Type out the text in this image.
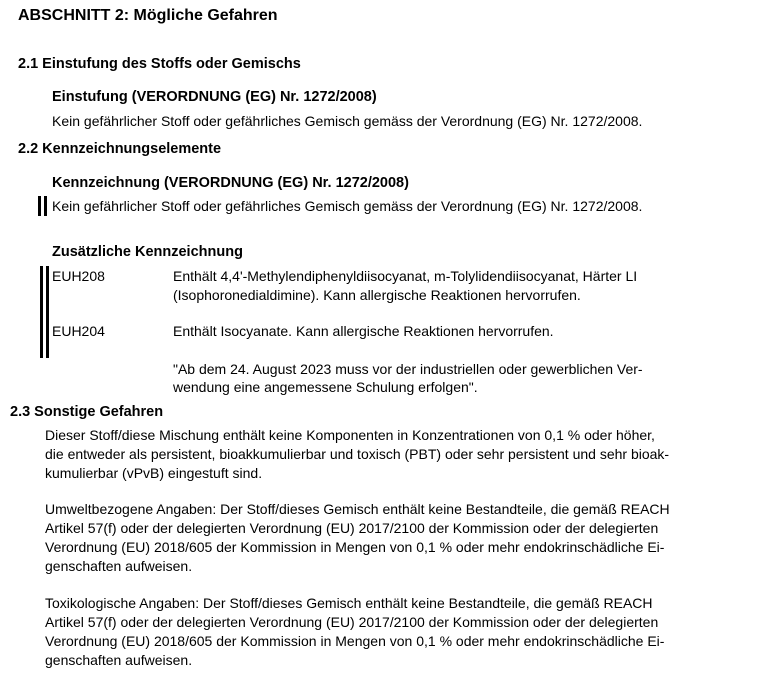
ABSCHNITT 2: Mögliche Gefahren
2.1 Einstufung des Stoffs oder Gemischs
Einstufung (VERORDNUNG (EG) Nr. 1272/2008)
Kein gefährlicher Stoff oder gefährliches Gemisch gemäss der Verordnung (EG) Nr. 1272/2008.
2.2 Kennzeichnungselemente
Kennzeichnung (VERORDNUNG (EG) Nr. 1272/2008)
Kein gefährlicher Stoff oder gefährliches Gemisch gemäss der Verordnung (EG) Nr. 1272/2008.
Zusätzliche Kennzeichnung
EUH208	Enthält 4,4'-Methylendiphenyldiisocyanat, m-Tolylidendiisocyanat, Härter LI
(Isophoronedialdimine). Kann allergische Reaktionen hervorrufen.
EUH204	Enthält Isocyanate. Kann allergische Reaktionen hervorrufen.
"Ab dem 24. August 2023 muss vor der industriellen oder gewerblichen Ver-
wendung eine angemessene Schulung erfolgen".
2.3 Sonstige Gefahren
Dieser Stoff/diese Mischung enthält keine Komponenten in Konzentrationen von 0,1 % oder höher,
die entweder als persistent, bioakkumulierbar und toxisch (PBT) oder sehr persistent und sehr bioak-
kumulierbar (vPvB) eingestuft sind.
Umweltbezogene Angaben: Der Stoff/dieses Gemisch enthält keine Bestandteile, die gemäß REACH
Artikel 57(f) oder der delegierten Verordnung (EU) 2017/2100 der Kommission oder der delegierten
Verordnung (EU) 2018/605 der Kommission in Mengen von 0,1 % oder mehr endokrinschädliche Ei-
genschaften aufweisen.
Toxikologische Angaben: Der Stoff/dieses Gemisch enthält keine Bestandteile, die gemäß REACH
Artikel 57(f) oder der delegierten Verordnung (EU) 2017/2100 der Kommission oder der delegierten
Verordnung (EU) 2018/605 der Kommission in Mengen von 0,1 % oder mehr endokrinschädliche Ei-
genschaften aufweisen.
